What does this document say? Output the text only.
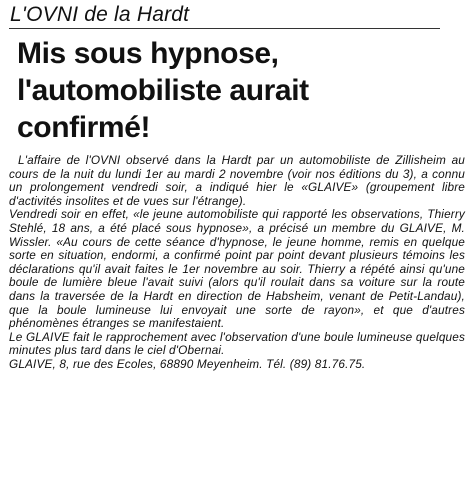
L'OVNI de la Hardt
Mis sous hypnose,
l'automobiliste aurait
confirmé!

L'affaire de l'OVNI observé dans la Hardt par un automobiliste de Zillisheim au cours de la nuit du lundi 1er au mardi 2 novembre (voir nos éditions du 3), a connu un prolongement vendredi soir, a indiqué hier le «GLAIVE» (groupement libre d'activités insolites et de vues sur l'étrange).

Vendredi soir en effet, «le jeune automobiliste qui rapporté les observations, Thierry Stehlé, 18 ans, a été placé sous hypnose», a précisé un membre du GLAIVE, M. Wissler. «Au cours de cette séance d'hypnose, le jeune homme, remis en quelque sorte en situation, endormi, a confirmé point par point devant plusieurs témoins les déclarations qu'il avait faites le 1er novembre au soir. Thierry a répété ainsi qu'une boule de lumière bleue l'avait suivi (alors qu'il roulait dans sa voiture sur la route dans la traversée de la Hardt en direction de Habsheim, venant de Petit-Landau), que la boule lumineuse lui envoyait une sorte de rayon», et que d'autres phénomènes étranges se manifestaient.

Le GLAIVE fait le rapprochement avec l'observation d'une boule lumineuse quelques minutes plus tard dans le ciel d'Obernai.

GLAIVE, 8, rue des Ecoles, 68890 Meyenheim. Tél. (89) 81.76.75.
